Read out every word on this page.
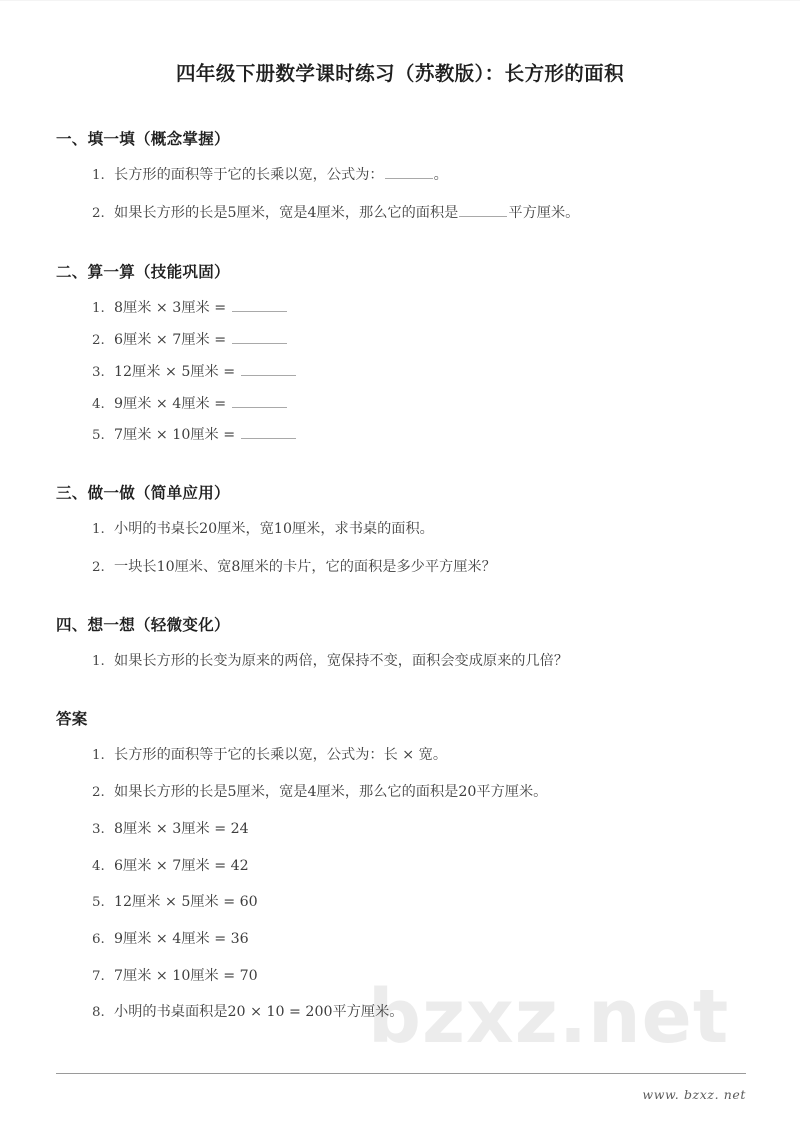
bzxz.net
四年级下册数学课时练习（苏教版）：长方形的面积
一、填一填（概念掌握）
1. 长方形的面积等于它的长乘以宽，公式为：	。
2. 如果长方形的长是5厘米，宽是4厘米，那么它的面积是	平方厘米。
二、算一算（技能巩固）
1. 8厘米 × 3厘米 =
2. 6厘米 × 7厘米 =
3. 12厘米 × 5厘米 =
4. 9厘米 × 4厘米 =
5. 7厘米 × 10厘米 =
三、做一做（简单应用）
1. 小明的书桌长20厘米，宽10厘米，求书桌的面积。
2. 一块长10厘米、宽8厘米的卡片，它的面积是多少平方厘米？
四、想一想（轻微变化）
1. 如果长方形的长变为原来的两倍，宽保持不变，面积会变成原来的几倍？
答案
1. 长方形的面积等于它的长乘以宽，公式为：长 × 宽。
2. 如果长方形的长是5厘米，宽是4厘米，那么它的面积是20平方厘米。
3. 8厘米 × 3厘米 = 24
4. 6厘米 × 7厘米 = 42
5. 12厘米 × 5厘米 = 60
6. 9厘米 × 4厘米 = 36
7. 7厘米 × 10厘米 = 70
8. 小明的书桌面积是20 × 10 = 200平方厘米。
www. bzxz. net
